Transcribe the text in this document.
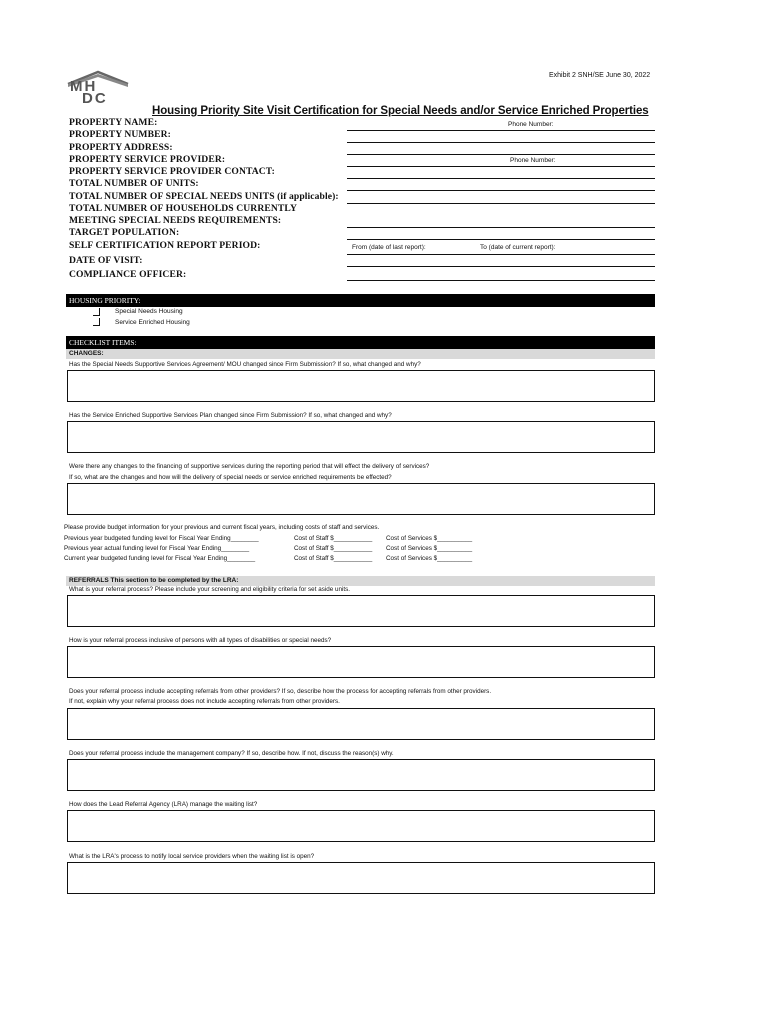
Exhibit 2 SNH/SE June 30, 2022
MH
DC
Housing Priority Site Visit Certification for Special Needs and/or Service Enriched Properties
PROPERTY NAME:
PROPERTY NUMBER:
PROPERTY ADDRESS:
PROPERTY SERVICE PROVIDER:
PROPERTY SERVICE PROVIDER CONTACT:
TOTAL NUMBER OF UNITS:
TOTAL NUMBER OF SPECIAL NEEDS UNITS (if applicable):
TOTAL NUMBER OF HOUSEHOLDS CURRENTLY
MEETING SPECIAL NEEDS REQUIREMENTS:
TARGET POPULATION:
SELF CERTIFICATION REPORT PERIOD:
DATE OF VISIT:
COMPLIANCE OFFICER:
Phone Number:
Phone Number:
From (date of last report):	To (date of current report):
HOUSING PRIORITY:
Special Needs Housing
Service Enriched Housing
CHECKLIST ITEMS:
CHANGES:
Has the Special Needs Supportive Services Agreement/ MOU changed since Firm Submission? If so, what changed and why?
Has the Service Enriched Supportive Services Plan changed since Firm Submission? If so, what changed and why?
Were there any changes to the financing of supportive services during the reporting period that will effect the delivery of services?
If so, what are the changes and how will the delivery of special needs or service enriched requirements be effected?
Please provide budget information for your previous and current fiscal years, including costs of staff and services.
Previous year budgeted funding level for Fiscal Year Ending________	Cost of Staff $___________ Cost of Services $__________
Previous year actual funding level for Fiscal Year Ending________	Cost of Staff $___________ Cost of Services $__________
Current year budgeted funding level for Fiscal Year Ending________	Cost of Staff $___________ Cost of Services $__________
REFERRALS This section to be completed by the LRA:
What is your referral process? Please include your screening and eligibility criteria for set aside units.
How is your referral process inclusive of persons with all types of disabilities or special needs?
Does your referral process include accepting referrals from other providers? If so, describe how the process for accepting referrals from other providers.
If not, explain why your referral process does not include accepting referrals from other providers.
Does your referral process include the management company? If so, describe how. If not, discuss the reason(s) why.
How does the Lead Referral Agency (LRA) manage the waiting list?
What is the LRA's process to notify local service providers when the waiting list is open?
